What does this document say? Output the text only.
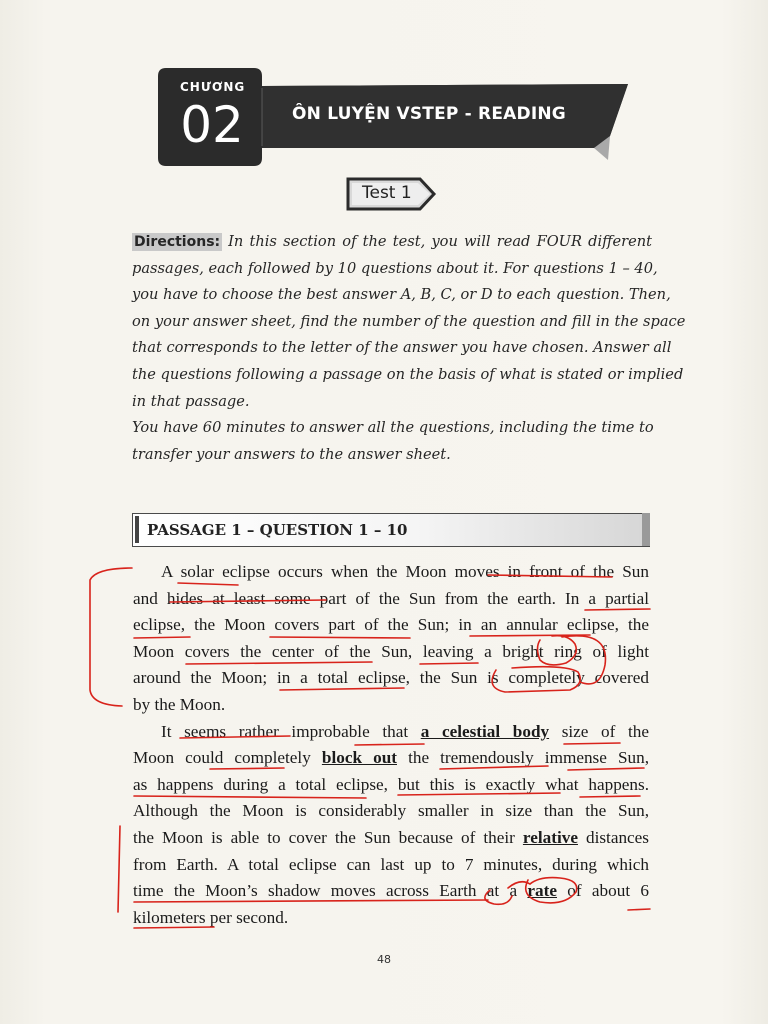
CHƯƠNG
02	ÔN LUYỆN VSTEP - READING
Test 1
Directions: In this section of the test, you will read FOUR different
passages, each followed by 10 questions about it. For questions 1 – 40,
you have to choose the best answer A, B, C, or D to each question. Then,
on your answer sheet, find the number of the question and fill in the space
that corresponds to the letter of the answer you have chosen. Answer all
the questions following a passage on the basis of what is stated or implied
in that passage.
You have 60 minutes to answer all the questions, including the time to
transfer your answers to the answer sheet.
PASSAGE 1 – QUESTION 1 – 10
A solar eclipse occurs when the Moon moves in front of the Sun
and hides at least some part of the Sun from the earth. In a partial
eclipse, the Moon covers part of the Sun; in an annular eclipse, the
Moon covers the center of the Sun, leaving a bright ring of light
around the Moon; in a total eclipse, the Sun is completely covered
by the Moon.
It seems rather improbable that a celestial body size of the
Moon could completely block out the tremendously immense Sun,
as happens during a total eclipse, but this is exactly what happens.
Although the Moon is considerably smaller in size than the Sun,
the Moon is able to cover the Sun because of their relative distances
from Earth. A total eclipse can last up to 7 minutes, during which
time the Moon’s shadow moves across Earth at a rate of about 6
kilometers per second.
48
